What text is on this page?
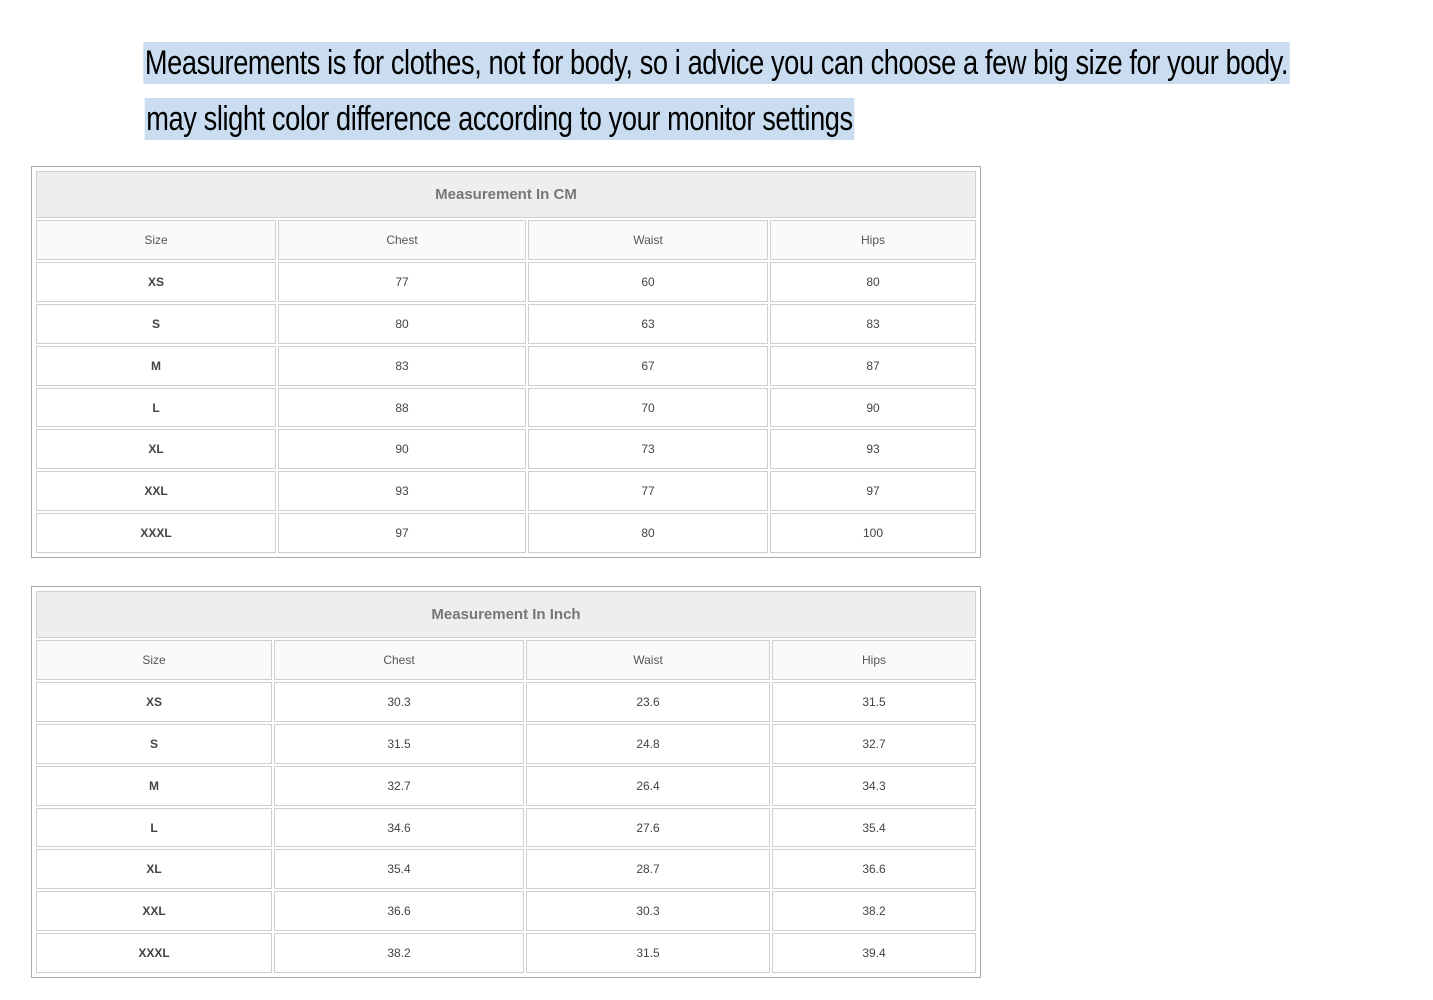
Measurements is for clothes, not for body, so i advice you can choose a few big size for your body.
may slight color difference according to your monitor settings
Measurement In CM			
Size	Chest	Waist	Hips
XS	77	60	80
S	80	63	83
M	83	67	87
L	88	70	90
XL	90	73	93
XXL	93	77	97
XXXL	97	80	100
Measurement In Inch			
Size	Chest	Waist	Hips
XS	30.3	23.6	31.5
S	31.5	24.8	32.7
M	32.7	26.4	34.3
L	34.6	27.6	35.4
XL	35.4	28.7	36.6
XXL	36.6	30.3	38.2
XXXL	38.2	31.5	39.4
